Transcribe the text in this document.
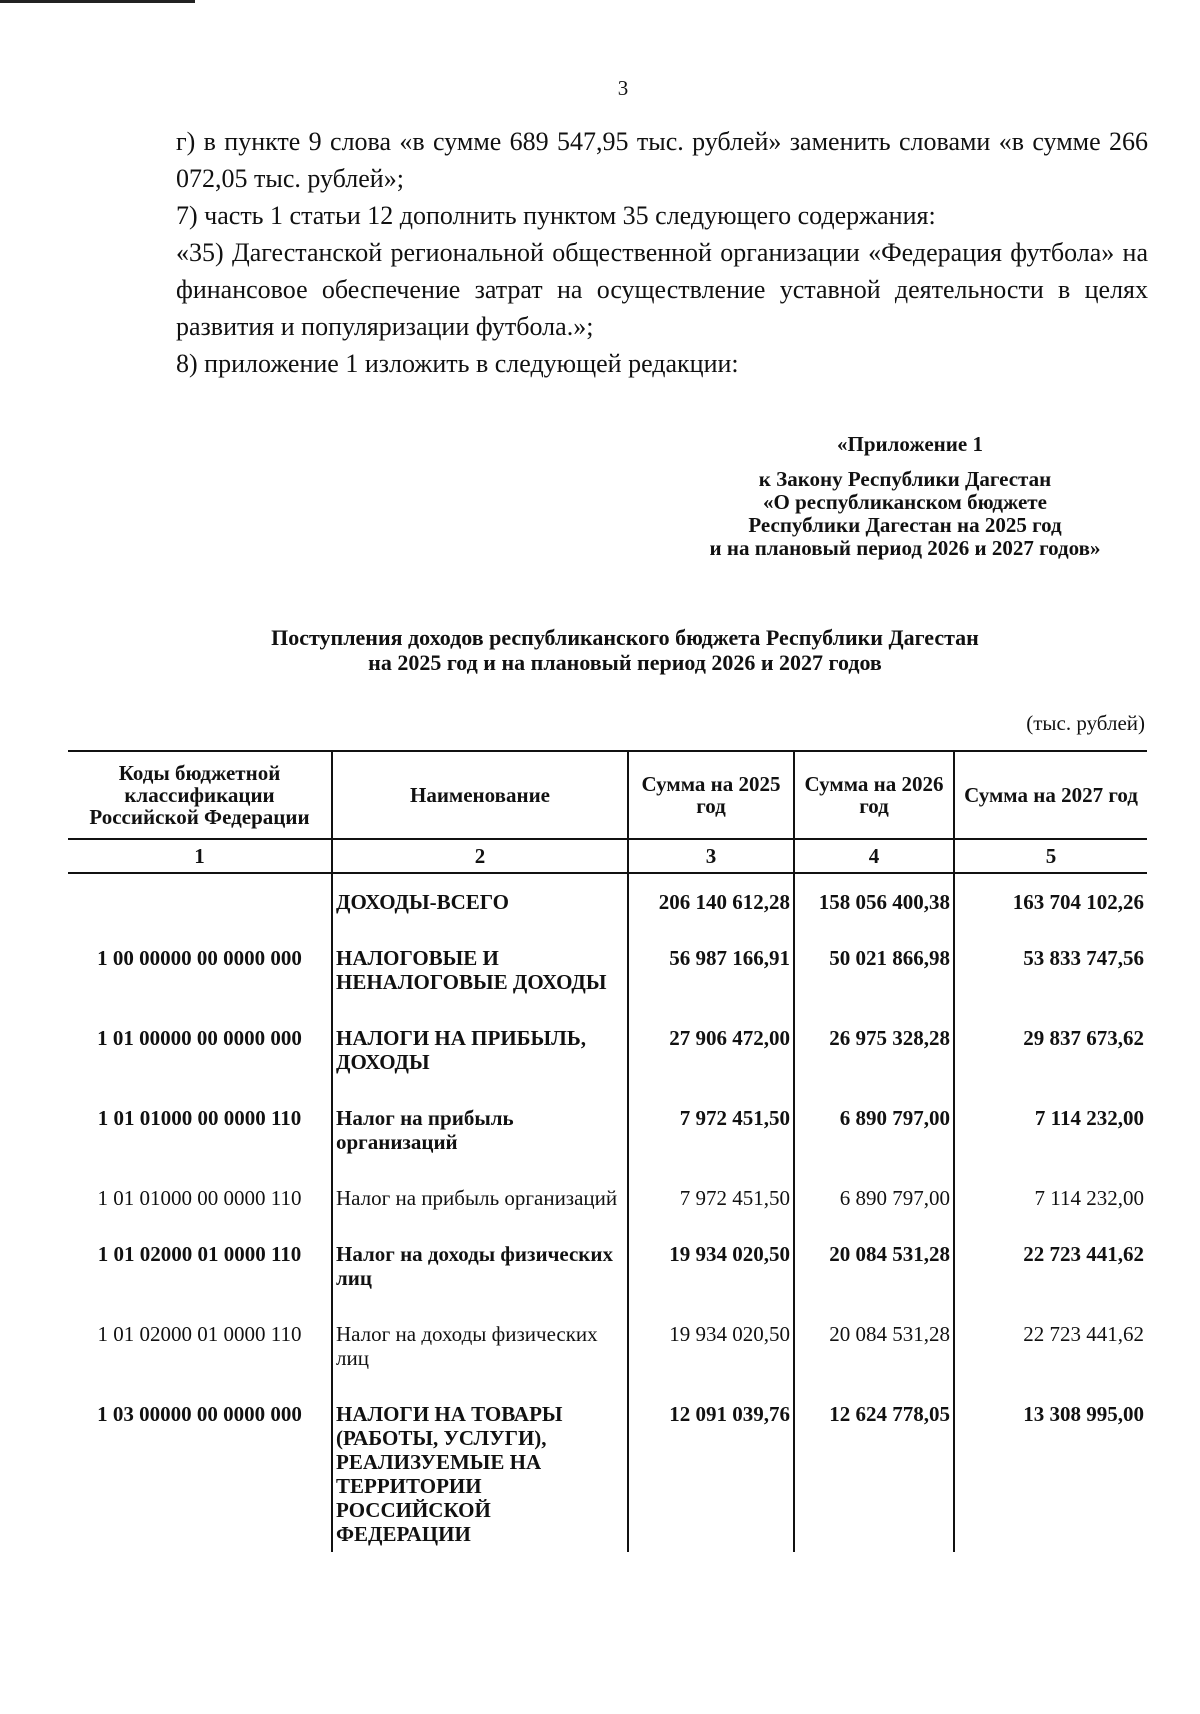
3
г) в пункте 9 слова «в сумме 689 547,95 тыс. рублей» заменить словами «в сумме 266 072,05 тыс. рублей»;
7) часть 1 статьи 12 дополнить пунктом 35 следующего содержания:
«35) Дагестанской региональной общественной организации «Федерация футбола» на финансовое обеспечение затрат на осуществление уставной деятельности в целях развития и популяризации футбола.»;
8) приложение 1 изложить в следующей редакции:
«Приложение 1
к Закону Республики Дагестан
«О республиканском бюджете
Республики Дагестан на 2025 год
и на плановый период 2026 и 2027 годов»
Поступления доходов республиканского бюджета Республики Дагестан
на 2025 год и на плановый период 2026 и 2027 годов
(тыс. рублей)
Коды бюджетной классификации Российской Федерации	Наименование	Сумма на 2025 год	Сумма на 2026 год	Сумма на 2027 год
1	2	3	4	5
	ДОХОДЫ-ВСЕГО	206 140 612,28	158 056 400,38	163 704 102,26
1 00 00000 00 0000 000	НАЛОГОВЫЕ И НЕНАЛОГОВЫЕ ДОХОДЫ	56 987 166,91	50 021 866,98	53 833 747,56
1 01 00000 00 0000 000	НАЛОГИ НА ПРИБЫЛЬ, ДОХОДЫ	27 906 472,00	26 975 328,28	29 837 673,62
1 01 01000 00 0000 110	Налог на прибыль организаций	7 972 451,50	6 890 797,00	7 114 232,00
1 01 01000 00 0000 110	Налог на прибыль организаций	7 972 451,50	6 890 797,00	7 114 232,00
1 01 02000 01 0000 110	Налог на доходы физических лиц	19 934 020,50	20 084 531,28	22 723 441,62
1 01 02000 01 0000 110	Налог на доходы физических лиц	19 934 020,50	20 084 531,28	22 723 441,62
1 03 00000 00 0000 000	НАЛОГИ НА ТОВАРЫ (РАБОТЫ, УСЛУГИ), РЕАЛИЗУЕМЫЕ НА ТЕРРИТОРИИ РОССИЙСКОЙ ФЕДЕРАЦИИ	12 091 039,76	12 624 778,05	13 308 995,00
